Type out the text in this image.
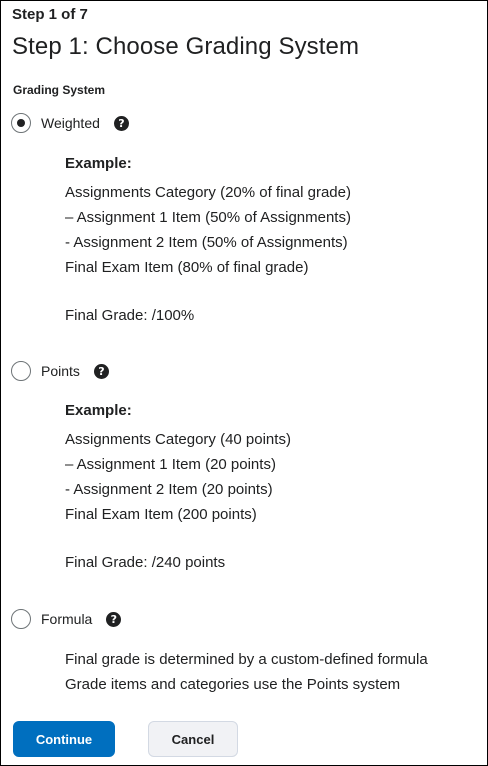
Step 1 of 7
Step 1: Choose Grading System
Grading System
Weighted	?
Example:
Assignments Category (20% of final grade)
– Assignment 1 Item (50% of Assignments)
- Assignment 2 Item (50% of Assignments)
Final Exam Item (80% of final grade)
Final Grade: /100%
Points	?
Example:
Assignments Category (40 points)
– Assignment 1 Item (20 points)
- Assignment 2 Item (20 points)
Final Exam Item (200 points)
Final Grade: /240 points
Formula	?
Final grade is determined by a custom-defined formula
Grade items and categories use the Points system
Continue	Cancel
